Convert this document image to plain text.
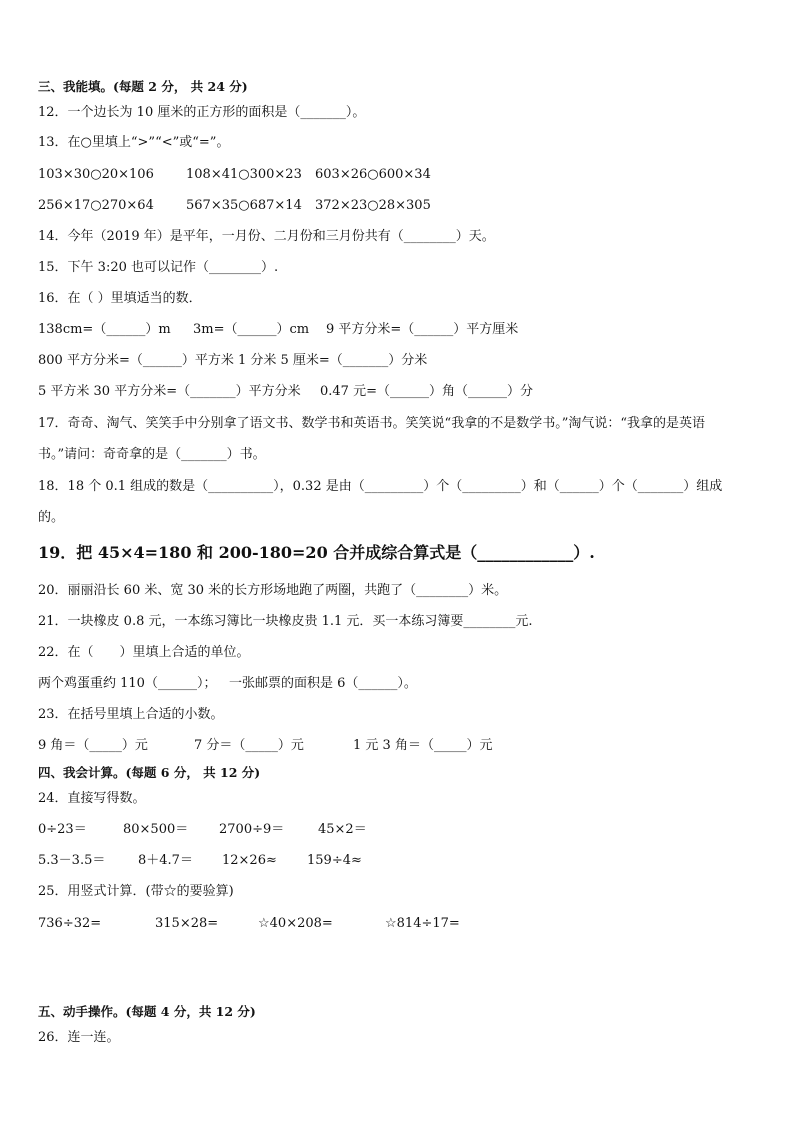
三、我能填。(每题 2 分， 共 24 分)
12．一个边长为 10 厘米的正方形的面积是（_______）。
13．在○里填上“>”“<”或“=”。
103×30○20×106 108×41○300×23 603×26○600×34
256×17○270×64 567×35○687×14 372×23○28×305
14．今年（2019 年）是平年，一月份、二月份和三月份共有（________）天。
15．下午 3:20 也可以记作（________）.
16．在（ ）里填适当的数．
138cm=（______）m 3m=（______）cm 9 平方分米=（______）平方厘米
800 平方分米=（______）平方米 1 分米 5 厘米=（_______）分米
5 平方米 30 平方分米=（_______）平方分米 0.47 元=（______）角（______）分
17．奇奇、淘气、笑笑手中分别拿了语文书、数学书和英语书。笑笑说“我拿的不是数学书。”淘气说：“我拿的是英语
书。”请问：奇奇拿的是（_______）书。
18．18 个 0.1 组成的数是（__________），0.32 是由（_________）个（_________）和（______）个（_______）组成
的。
19．把 45×4=180 和 200-180=20 合并成综合算式是（____________）.
20．丽丽沿长 60 米、宽 30 米的长方形场地跑了两圈，共跑了（________）米。
21．一块橡皮 0.8 元，一本练习簿比一块橡皮贵 1.1 元．买一本练习簿要________元.
22．在（　　）里填上合适的单位。
两个鸡蛋重约 110（______）； 一张邮票的面积是 6（______）。
23．在括号里填上合适的小数。
9 角＝（_____）元	7 分＝（_____）元	1 元 3 角＝（_____）元
四、我会计算。(每题 6 分， 共 12 分)
24．直接写得数。
0÷23＝	80×500＝ 2700÷9＝	45×2＝
5.3－3.5＝	8＋4.7＝ 12×26≈ 159÷4≈
25．用竖式计算．(带☆的要验算)
736÷32=	315×28=	☆40×208=	☆814÷17=
五、动手操作。(每题 4 分，共 12 分)
26．连一连。
